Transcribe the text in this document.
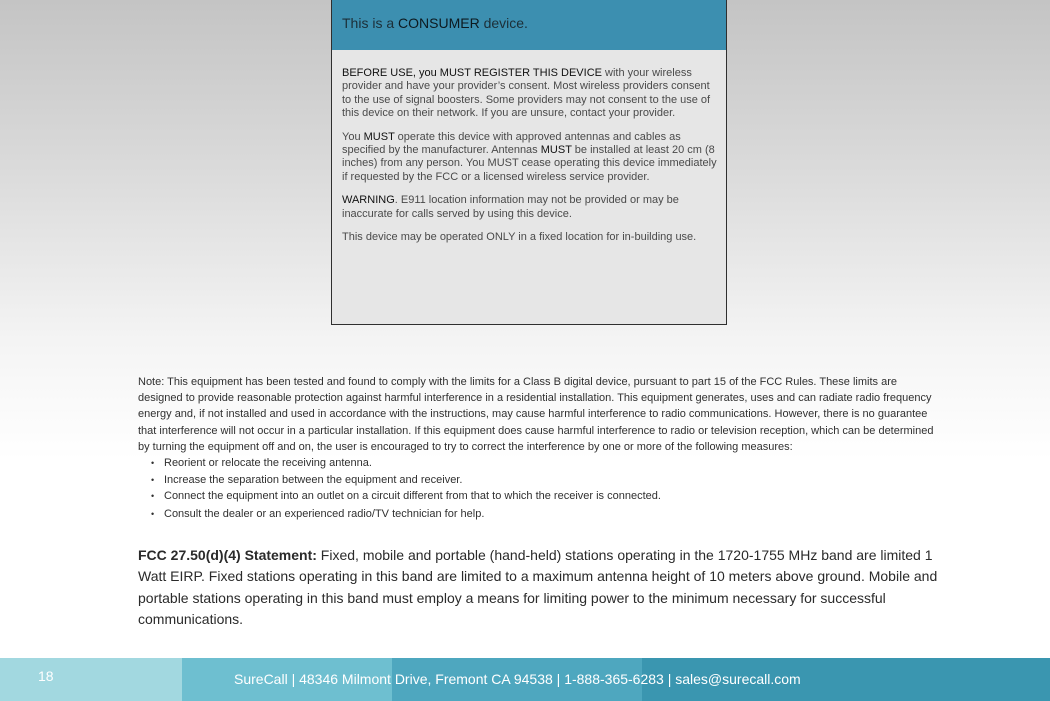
This is a CONSUMER device.

BEFORE USE, you MUST REGISTER THIS DEVICE with your wireless provider and have your provider’s consent. Most wireless providers consent to the use of signal boosters. Some providers may not consent to the use of this device on their network. If you are unsure, contact your provider.

You MUST operate this device with approved antennas and cables as specified by the manufacturer. Antennas MUST be installed at least 20 cm (8 inches) from any person. You MUST cease operating this device immediately if requested by the FCC or a licensed wireless service provider.

WARNING. E911 location information may not be provided or may be inaccurate for calls served by using this device.

This device may be operated ONLY in a fixed location for in-building use.

Note: This equipment has been tested and found to comply with the limits for a Class B digital device, pursuant to part 15 of the FCC Rules. These limits are designed to provide reasonable protection against harmful interference in a residential installation. This equipment generates, uses and can radiate radio frequency energy and, if not installed and used in accordance with the instructions, may cause harmful interference to radio communications. However, there is no guarantee that interference will not occur in a particular installation. If this equipment does cause harmful interference to radio or television reception, which can be determined by turning the equipment off and on, the user is encouraged to try to correct the interference by one or more of the following measures:

• Reorient or relocate the receiving antenna.
• Increase the separation between the equipment and receiver.
• Connect the equipment into an outlet on a circuit different from that to which the receiver is connected.
• Consult the dealer or an experienced radio/TV technician for help.
FCC 27.50(d)(4) Statement: Fixed, mobile and portable (hand-held) stations operating in the 1720-1755 MHz band are limited 1 Watt EIRP. Fixed stations operating in this band are limited to a maximum antenna height of 10 meters above ground. Mobile and portable stations operating in this band must employ a means for limiting power to the minimum necessary for successful communications.
18	SureCall | 48346 Milmont Drive, Fremont CA 94538 | 1-888-365-6283 | sales@surecall.com
